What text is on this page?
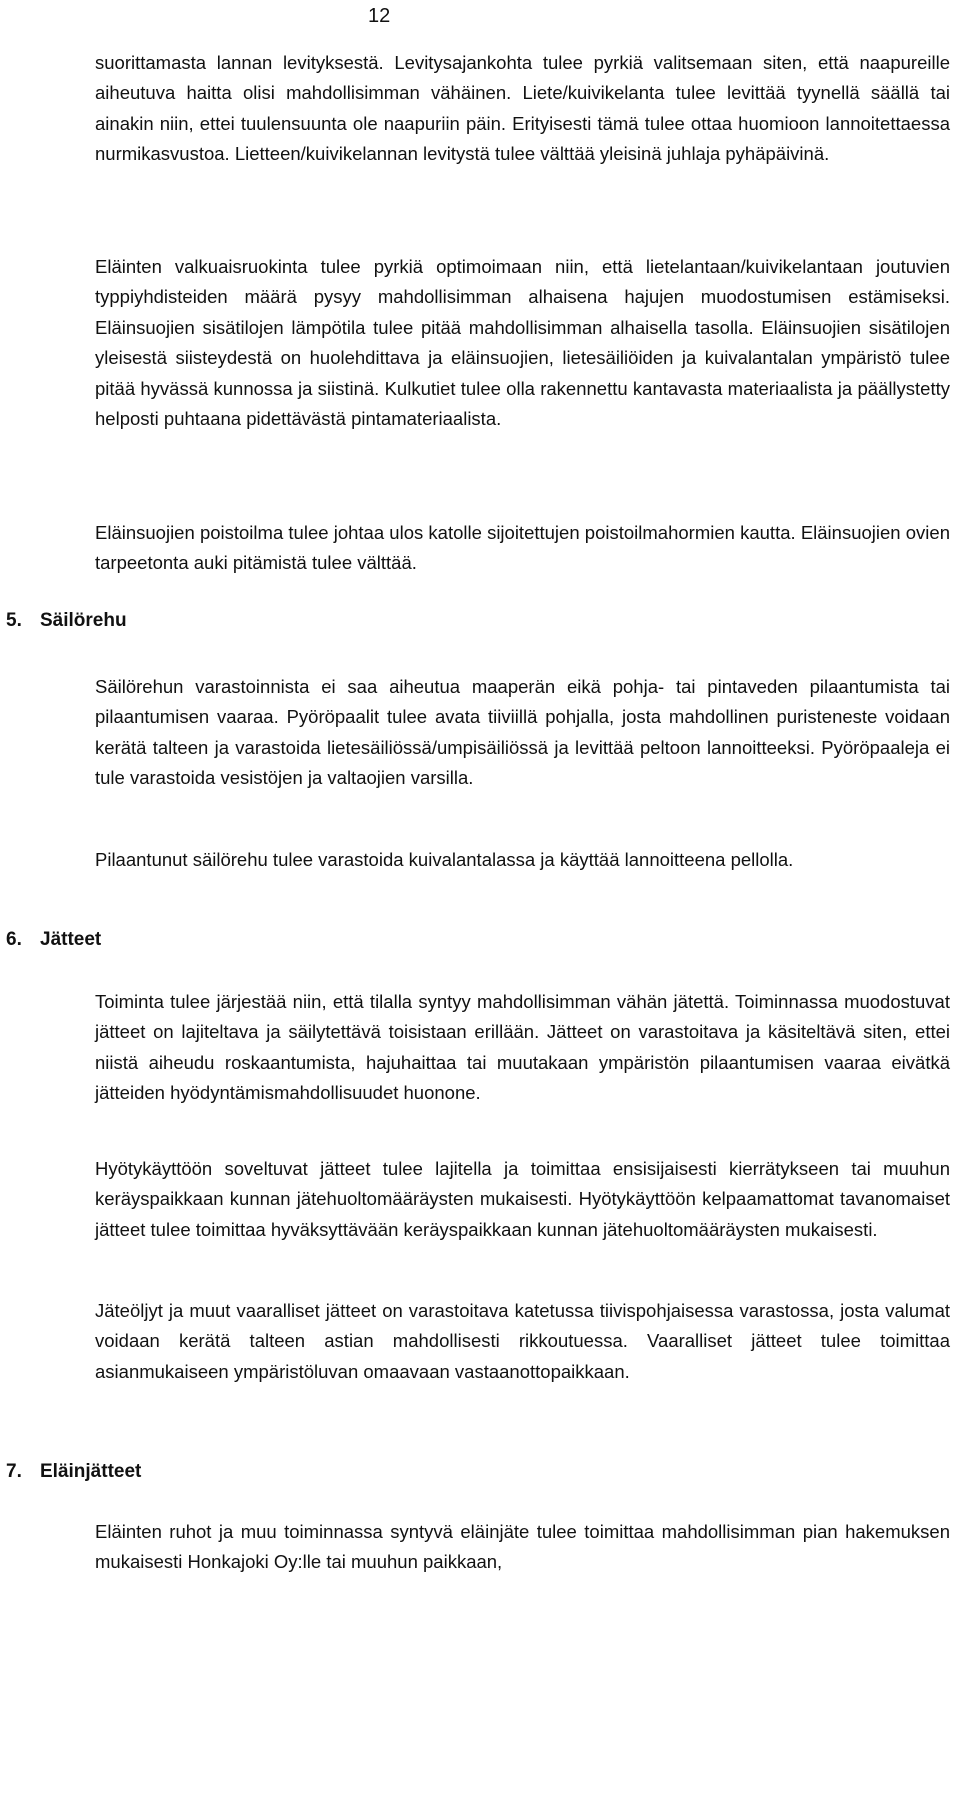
12
5. Säilörehu
6. Jätteet
7. Eläinjätteet
suorittamasta lannan levityksestä. Levitysajankohta tulee pyrkiä valitsemaan siten, että naapureille aiheutuva haitta olisi mahdollisimman vähäinen. Liete/kuivikelanta tulee levittää tyynellä säällä tai ainakin niin, ettei tuulensuunta ole naapuriin päin. Erityisesti tämä tulee ottaa huomioon lannoitettaessa nurmikasvustoa. Lietteen/kuivikelannan levitystä tulee välttää yleisinä juhlaja pyhäpäivinä.
Eläinten valkuaisruokinta tulee pyrkiä optimoimaan niin, että lietelantaan/kuivikelantaan joutuvien typpiyhdisteiden määrä pysyy mahdollisimman alhaisena hajujen muodostumisen estämiseksi. Eläinsuojien sisätilojen lämpötila tulee pitää mahdollisimman alhaisella tasolla. Eläinsuojien sisätilojen yleisestä siisteydestä on huolehdittava ja eläinsuojien, lietesäiliöiden ja kuivalantalan ympäristö tulee pitää hyvässä kunnossa ja siistinä. Kulkutiet tulee olla rakennettu kantavasta materiaalista ja päällystetty helposti puhtaana pidettävästä pintamateriaalista.
Eläinsuojien poistoilma tulee johtaa ulos katolle sijoitettujen poistoilmahormien kautta. Eläinsuojien ovien tarpeetonta auki pitämistä tulee välttää.
Säilörehun varastoinnista ei saa aiheutua maaperän eikä pohja- tai pintaveden pilaantumista tai pilaantumisen vaaraa. Pyöröpaalit tulee avata tiiviillä pohjalla, josta mahdollinen puristeneste voidaan kerätä talteen ja varastoida lietesäiliössä/umpisäiliössä ja levittää peltoon lannoitteeksi. Pyöröpaaleja ei tule varastoida vesistöjen ja valtaojien varsilla.
Pilaantunut säilörehu tulee varastoida kuivalantalassa ja käyttää lannoitteena pellolla.
Toiminta tulee järjestää niin, että tilalla syntyy mahdollisimman vähän jätettä. Toiminnassa muodostuvat jätteet on lajiteltava ja säilytettävä toisistaan erillään. Jätteet on varastoitava ja käsiteltävä siten, ettei niistä aiheudu roskaantumista, hajuhaittaa tai muutakaan ympäristön pilaantumisen vaaraa eivätkä jätteiden hyödyntämismahdollisuudet huonone.
Hyötykäyttöön soveltuvat jätteet tulee lajitella ja toimittaa ensisijaisesti kierrätykseen tai muuhun keräyspaikkaan kunnan jätehuoltomääräysten mukaisesti. Hyötykäyttöön kelpaamattomat tavanomaiset jätteet tulee toimittaa hyväksyttävään keräyspaikkaan kunnan jätehuoltomääräysten mukaisesti.
Jäteöljyt ja muut vaaralliset jätteet on varastoitava katetussa tiivispohjaisessa varastossa, josta valumat voidaan kerätä talteen astian mahdollisesti rikkoutuessa. Vaaralliset jätteet tulee toimittaa asianmukaiseen ympäristöluvan omaavaan vastaanottopaikkaan.
Eläinten ruhot ja muu toiminnassa syntyvä eläinjäte tulee toimittaa mahdollisimman pian hakemuksen mukaisesti Honkajoki Oy:lle tai muuhun paikkaan,
